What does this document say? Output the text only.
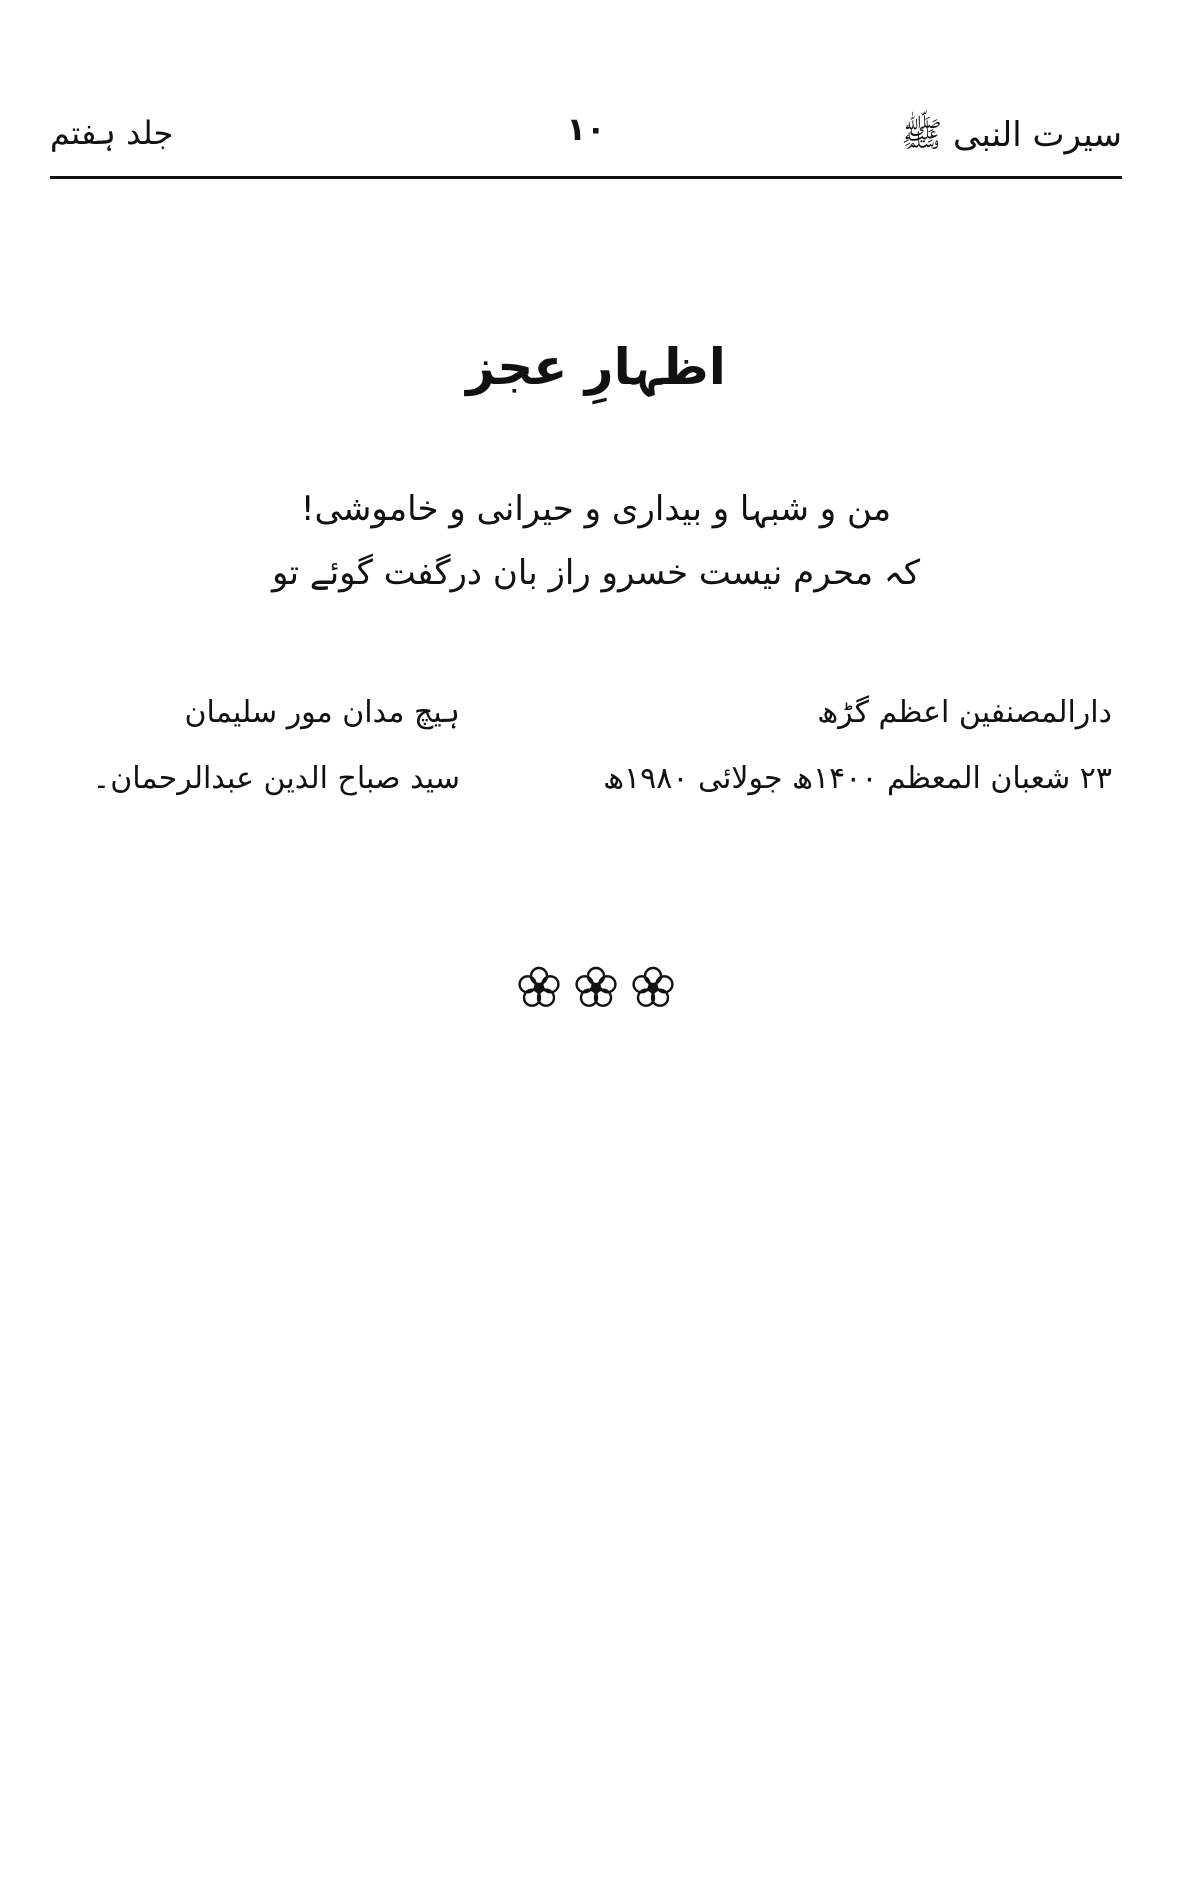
سیرت النبی ﷺ
۱۰
جلد ہفتم
اظہارِ عجز
من و شبہا و بیداری و حیرانی و خاموشی!
کہ محرم نیست خسرو راز بان درگفت گوئے تو
دارالمصنفین اعظم گڑھ
۲۳ شعبان المعظم ۱۴۰۰ھ جولائی ۱۹۸۰ھ
ہیچ مدان مور سلیمان
سید صباح الدین عبدالرحمان۔
